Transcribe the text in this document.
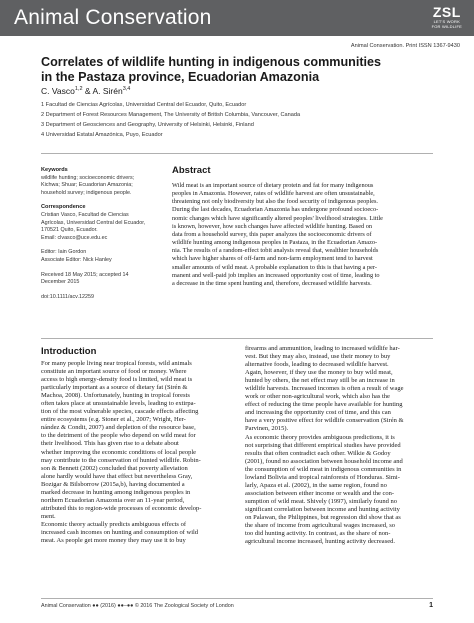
Animal Conservation	ZSL
LET'S WORK
FOR WILDLIFE
Animal Conservation. Print ISSN 1367-9430
Correlates of wildlife hunting in indigenous communities
in the Pastaza province, Ecuadorian Amazonia
C. Vasco$^{1,2}$ & A. Sirén$^{3,4}$
1 Facultad de Ciencias Agrícolas, Universidad Central del Ecuador, Quito, Ecuador
2 Department of Forest Resources Management, The University of British Columbia, Vancouver, Canada
3 Department of Geosciences and Geography, University of Helsinki, Helsinki, Finland
4 Universidad Estatal Amazónica, Puyo, Ecuador
Keywords
wildlife hunting; socioeconomic drivers;
Kichwa; Shuar; Ecuadorian Amazonia;
household survey; indigenous people.
Correspondence
Cristian Vasco, Facultad de Ciencias
Agrícolas, Universidad Central del Ecuador,
170521 Quito, Ecuador.
Email: clvasco@uce.edu.ec
Editor: Iain Gordon
Associate Editor: Nick Hanley
Received 18 May 2015; accepted 14
December 2015
doi:10.1111/acv.12259
Abstract
Wild meat is an important source of dietary protein and fat for many indigenous
peoples in Amazonia. However, rates of wildlife harvest are often unsustainable,
threatening not only biodiversity but also the food security of indigenous peoples.
During the last decades, Ecuadorian Amazonia has undergone profound socioeco-
nomic changes which have significantly altered peoples' livelihood strategies. Little
is known, however, how such changes have affected wildlife hunting. Based on
data from a household survey, this paper analyzes the socioeconomic drivers of
wildlife hunting among indigenous peoples in Pastaza, in the Ecuadorian Amazo-
nia. The results of a random-effect tobit analysis reveal that, wealthier households
which have higher shares of off-farm and non-farm employment tend to harvest
smaller amounts of wild meat. A probable explanation to this is that having a per-
manent and well-paid job implies an increased opportunity cost of time, leading to
a decrease in the time spent hunting and, therefore, decreased wildlife harvests.
Introduction
For many people living near tropical forests, wild animals
constitute an important source of food or money. Where
access to high energy-density food is limited, wild meat is
particularly important as a source of dietary fat (Sirén &
Machoa, 2008). Unfortunately, hunting in tropical forests
often takes place at unsustainable levels, leading to extirpa-
tion of the most vulnerable species, cascade effects affecting
entire ecosystems (e.g. Stoner et al., 2007; Wright, Her-
nández & Condit, 2007) and depletion of the resource base,
to the detriment of the people who depend on wild meat for
their livelihood. This has given rise to a debate about
whether improving the economic conditions of local people
may contribute to the conservation of hunted wildlife. Robin-
son & Bennett (2002) concluded that poverty alleviation
alone hardly would have that effect but nevertheless Gray,
Bozigar & Bilsborrow (2015a,b), having documented a
marked decrease in hunting among indigenous peoples in
northern Ecuadorian Amazonia over an 11-year period,
attributed this to region-wide processes of economic develop-
ment.
Economic theory actually predicts ambiguous effects of
increased cash incomes on hunting and consumption of wild
meat. As people get more money they may use it to buy
firearms and ammunition, leading to increased wildlife har-
vest. But they may also, instead, use their money to buy
alternative foods, leading to decreased wildlife harvest.
Again, however, if they use the money to buy wild meat,
hunted by others, the net effect may still be an increase in
wildlife harvests. Increased incomes is often a result of wage
work or other non-agricultural work, which also has the
effect of reducing the time people have available for hunting
and increasing the opportunity cost of time, and this can
have a very positive effect for wildlife conservation (Sirén &
Parvinen, 2015).
As economic theory provides ambiguous predictions, it is
not surprising that different empirical studies have provided
results that often contradict each other. Wilkie & Godoy
(2001), found no association between household income and
the consumption of wild meat in indigenous communities in
lowland Bolivia and tropical rainforests of Honduras. Simi-
larly, Apaza et al. (2002), in the same region, found no
association between either income or wealth and the con-
sumption of wild meat. Shively (1997), similarly found no
significant correlation between income and hunting activity
on Palawan, the Philippines, but regression did show that as
the share of income from agricultural wages increased, so
too did hunting activity. In contrast, as the share of non-
agricultural income increased, hunting activity decreased.
Animal Conservation ●● (2016) ●●–●● © 2016 The Zoological Society of London	1
